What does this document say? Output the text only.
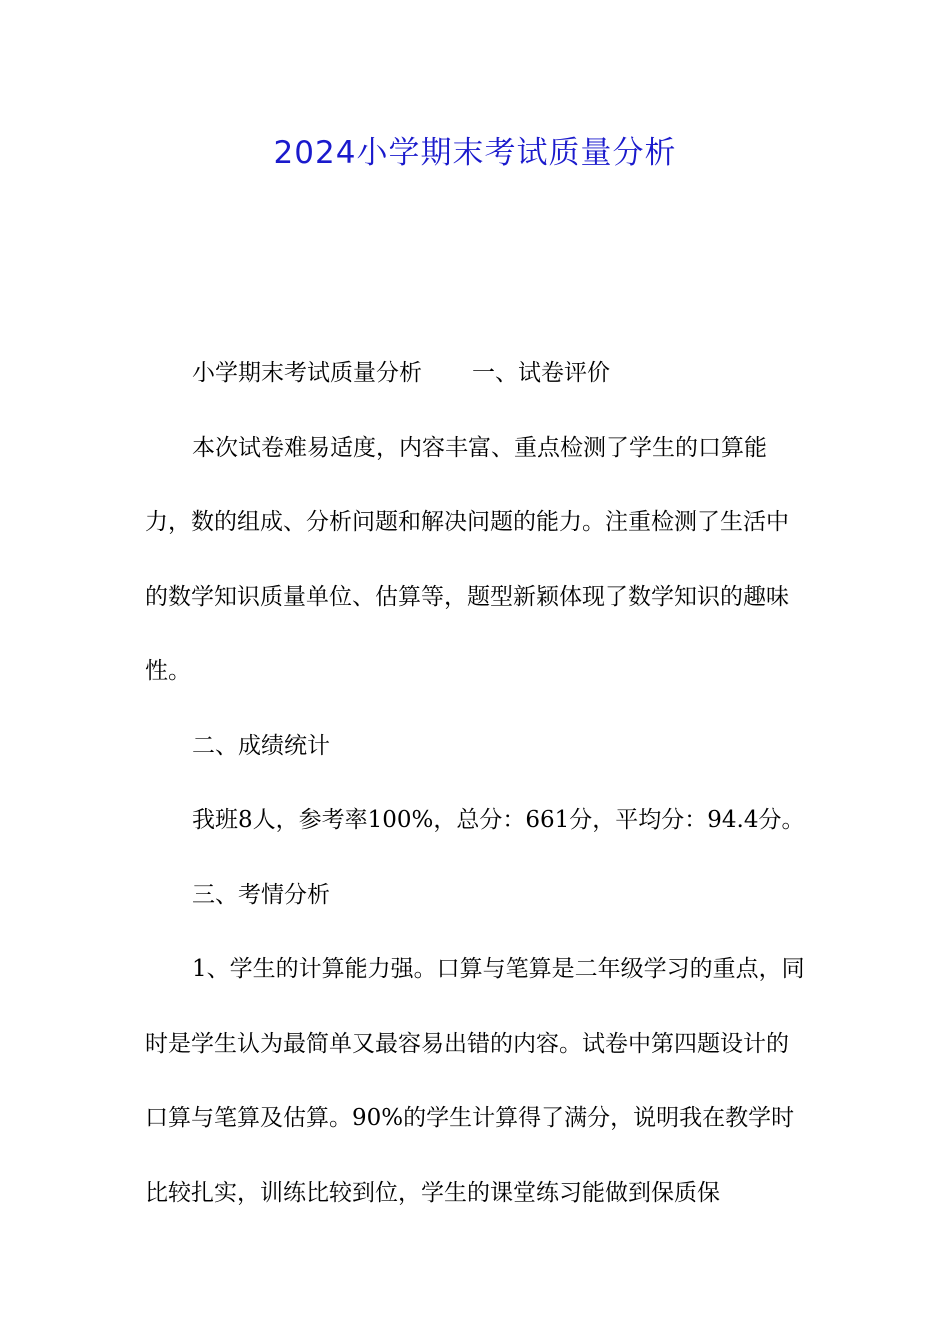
2024小学期末考试质量分析

小学期末考试质量分析 一、试卷评价

本次试卷难易适度，内容丰富、重点检测了学生的口算能力，数的组成、分析问题和解决问题的能力。注重检测了生活中的数学知识质量单位、估算等，题型新颖体现了数学知识的趣味性。

二、成绩统计

我班8人，参考率100%，总分：661分，平均分：94.4分。

三、考情分析

1、学生的计算能力强。口算与笔算是二年级学习的重点，同时是学生认为最简单又最容易出错的内容。试卷中第四题设计的口算与笔算及估算。90%的学生计算得了满分，说明我在教学时比较扎实，训练比较到位，学生的课堂练习能做到保质保
